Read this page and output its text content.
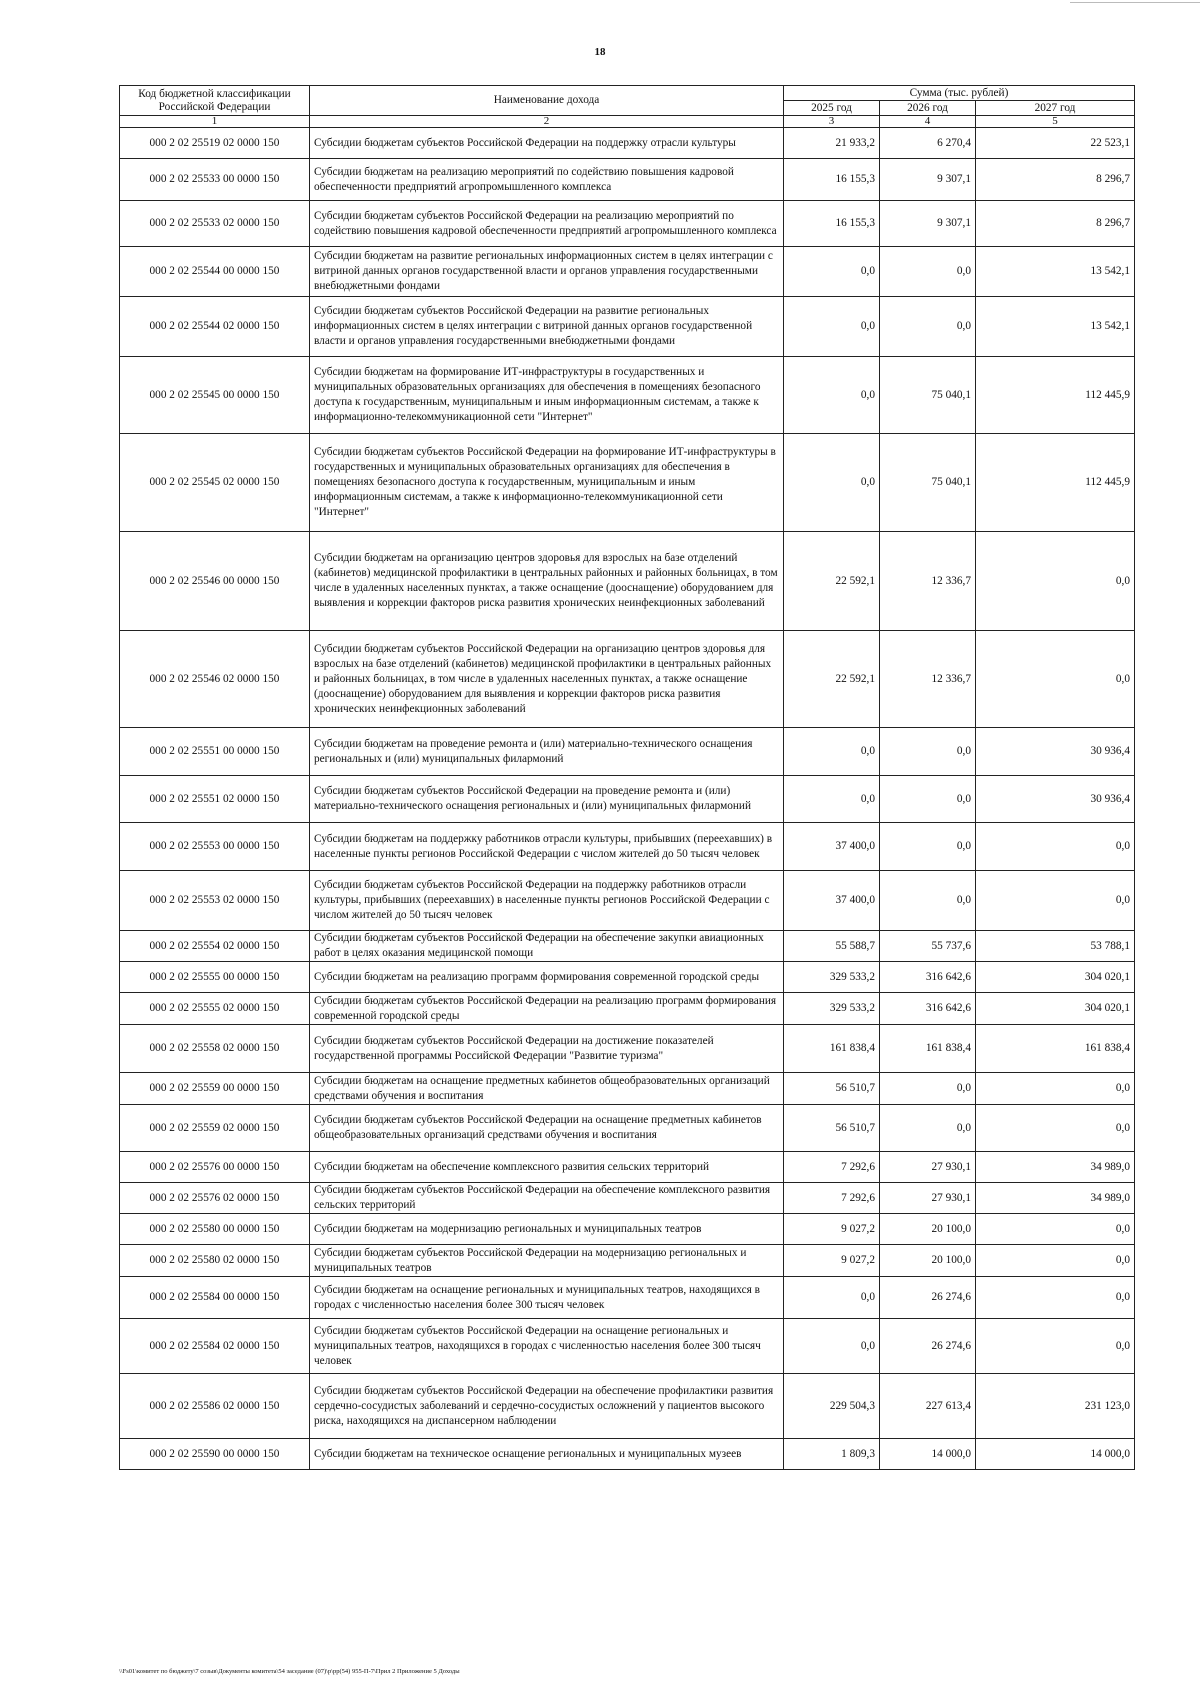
18
Код бюджетной классификации Российской Федерации	Наименование дохода	Сумма (тыс. рублей)		
		2025 год	2026 год	2027 год
1	2	3	4	5
000 2 02 25519 02 0000 150	Субсидии бюджетам субъектов Российской Федерации на поддержку отрасли культуры	21 933,2	6 270,4	22 523,1
000 2 02 25533 00 0000 150	Субсидии бюджетам на реализацию мероприятий по содействию повышения кадровой обеспеченности предприятий агропромышленного комплекса	16 155,3	9 307,1	8 296,7
000 2 02 25533 02 0000 150	Субсидии бюджетам субъектов Российской Федерации на реализацию мероприятий по содействию повышения кадровой обеспеченности предприятий агропромышленного комплекса	16 155,3	9 307,1	8 296,7
000 2 02 25544 00 0000 150	Субсидии бюджетам на развитие региональных информационных систем в целях интеграции с витриной данных органов государственной власти и органов управления государственными внебюджетными фондами	0,0	0,0	13 542,1
000 2 02 25544 02 0000 150	Субсидии бюджетам субъектов Российской Федерации на развитие региональных информационных систем в целях интеграции с витриной данных органов государственной власти и органов управления государственными внебюджетными фондами	0,0	0,0	13 542,1
000 2 02 25545 00 0000 150	Субсидии бюджетам на формирование ИТ-инфраструктуры в государственных и муниципальных образовательных организациях для обеспечения в помещениях безопасного доступа к государственным, муниципальным и иным информационным системам, а также к информационно-телекоммуникационной сети "Интернет"	0,0	75 040,1	112 445,9
000 2 02 25545 02 0000 150	Субсидии бюджетам субъектов Российской Федерации на формирование ИТ-инфраструктуры в государственных и муниципальных образовательных организациях для обеспечения в помещениях безопасного доступа к государственным, муниципальным и иным информационным системам, а также к информационно-телекоммуникационной сети "Интернет"	0,0	75 040,1	112 445,9
000 2 02 25546 00 0000 150	Субсидии бюджетам на организацию центров здоровья для взрослых на базе отделений (кабинетов) медицинской профилактики в центральных районных и районных больницах, в том числе в удаленных населенных пунктах, а также оснащение (дооснащение) оборудованием для выявления и коррекции факторов риска развития хронических неинфекционных заболеваний	22 592,1	12 336,7	0,0
000 2 02 25546 02 0000 150	Субсидии бюджетам субъектов Российской Федерации на организацию центров здоровья для взрослых на базе отделений (кабинетов) медицинской профилактики в центральных районных и районных больницах, в том числе в удаленных населенных пунктах, а также оснащение (дооснащение) оборудованием для выявления и коррекции факторов риска развития хронических неинфекционных заболеваний	22 592,1	12 336,7	0,0
000 2 02 25551 00 0000 150	Субсидии бюджетам на проведение ремонта и (или) материально-технического оснащения региональных и (или) муниципальных филармоний	0,0	0,0	30 936,4
000 2 02 25551 02 0000 150	Субсидии бюджетам субъектов Российской Федерации на проведение ремонта и (или) материально-технического оснащения региональных и (или) муниципальных филармоний	0,0	0,0	30 936,4
000 2 02 25553 00 0000 150	Субсидии бюджетам на поддержку работников отрасли культуры, прибывших (переехавших) в населенные пункты регионов Российской Федерации с числом жителей до 50 тысяч человек	37 400,0	0,0	0,0
000 2 02 25553 02 0000 150	Субсидии бюджетам субъектов Российской Федерации на поддержку работников отрасли культуры, прибывших (переехавших) в населенные пункты регионов Российской Федерации с числом жителей до 50 тысяч человек	37 400,0	0,0	0,0
000 2 02 25554 02 0000 150	Субсидии бюджетам субъектов Российской Федерации на обеспечение закупки авиационных работ в целях оказания медицинской помощи	55 588,7	55 737,6	53 788,1
000 2 02 25555 00 0000 150	Субсидии бюджетам на реализацию программ формирования современной городской среды	329 533,2	316 642,6	304 020,1
000 2 02 25555 02 0000 150	Субсидии бюджетам субъектов Российской Федерации на реализацию программ формирования современной городской среды	329 533,2	316 642,6	304 020,1
000 2 02 25558 02 0000 150	Субсидии бюджетам субъектов Российской Федерации на достижение показателей государственной программы Российской Федерации "Развитие туризма"	161 838,4	161 838,4	161 838,4
000 2 02 25559 00 0000 150	Субсидии бюджетам на оснащение предметных кабинетов общеобразовательных организаций средствами обучения и воспитания	56 510,7	0,0	0,0
000 2 02 25559 02 0000 150	Субсидии бюджетам субъектов Российской Федерации на оснащение предметных кабинетов общеобразовательных организаций средствами обучения и воспитания	56 510,7	0,0	0,0
000 2 02 25576 00 0000 150	Субсидии бюджетам на обеспечение комплексного развития сельских территорий	7 292,6	27 930,1	34 989,0
000 2 02 25576 02 0000 150	Субсидии бюджетам субъектов Российской Федерации на обеспечение комплексного развития сельских территорий	7 292,6	27 930,1	34 989,0
000 2 02 25580 00 0000 150	Субсидии бюджетам на модернизацию региональных и муниципальных театров	9 027,2	20 100,0	0,0
000 2 02 25580 02 0000 150	Субсидии бюджетам субъектов Российской Федерации на модернизацию региональных и муниципальных театров	9 027,2	20 100,0	0,0
000 2 02 25584 00 0000 150	Субсидии бюджетам на оснащение региональных и муниципальных театров, находящихся в городах с численностью населения более 300 тысяч человек	0,0	26 274,6	0,0
000 2 02 25584 02 0000 150	Субсидии бюджетам субъектов Российской Федерации на оснащение региональных и муниципальных театров, находящихся в городах с численностью населения более 300 тысяч человек	0,0	26 274,6	0,0
000 2 02 25586 02 0000 150	Субсидии бюджетам субъектов Российской Федерации на обеспечение профилактики развития сердечно-сосудистых заболеваний и сердечно-сосудистых осложнений у пациентов высокого риска, находящихся на диспансерном наблюдении	229 504,3	227 613,4	231 123,0
000 2 02 25590 00 0000 150	Субсидии бюджетам на техническое оснащение региональных и муниципальных музеев	1 809,3	14 000,0	14 000,0
\\Fs01\комитет по бюджету\7 созыв\Документы комитета\54 заседание (07)\p\pp(54) 955-П-7\Прил 2 Приложение 5 Доходы
